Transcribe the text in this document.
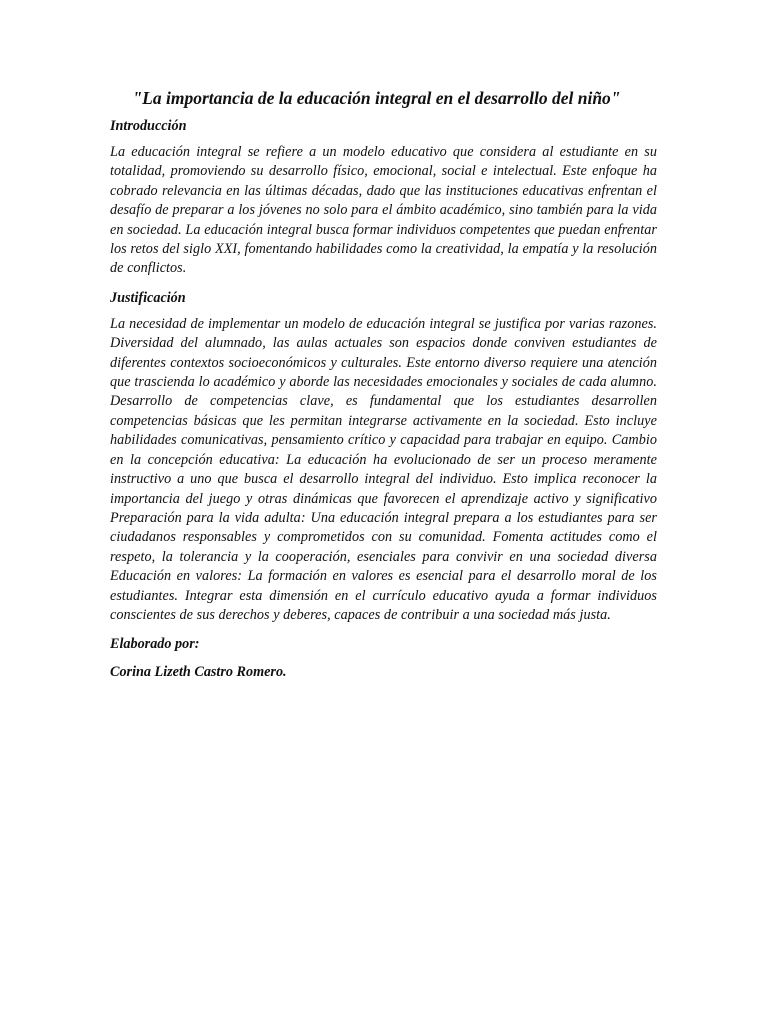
"La importancia de la educación integral en el desarrollo del niño"
Introducción

La educación integral se refiere a un modelo educativo que considera al estudiante en su totalidad, promoviendo su desarrollo físico, emocional, social e intelectual. Este enfoque ha cobrado relevancia en las últimas décadas, dado que las instituciones educativas enfrentan el desafío de preparar a los jóvenes no solo para el ámbito académico, sino también para la vida en sociedad. La educación integral busca formar individuos competentes que puedan enfrentar los retos del siglo XXI, fomentando habilidades como la creatividad, la empatía y la resolución de conflictos.

Justificación

La necesidad de implementar un modelo de educación integral se justifica por varias razones. Diversidad del alumnado, las aulas actuales son espacios donde conviven estudiantes de diferentes contextos socioeconómicos y culturales. Este entorno diverso requiere una atención que trascienda lo académico y aborde las necesidades emocionales y sociales de cada alumno. Desarrollo de competencias clave, es fundamental que los estudiantes desarrollen competencias básicas que les permitan integrarse activamente en la sociedad. Esto incluye habilidades comunicativas, pensamiento crítico y capacidad para trabajar en equipo. Cambio en la concepción educativa: La educación ha evolucionado de ser un proceso meramente instructivo a uno que busca el desarrollo integral del individuo. Esto implica reconocer la importancia del juego y otras dinámicas que favorecen el aprendizaje activo y significativo Preparación para la vida adulta: Una educación integral prepara a los estudiantes para ser ciudadanos responsables y comprometidos con su comunidad. Fomenta actitudes como el respeto, la tolerancia y la cooperación, esenciales para convivir en una sociedad diversa Educación en valores: La formación en valores es esencial para el desarrollo moral de los estudiantes. Integrar esta dimensión en el currículo educativo ayuda a formar individuos conscientes de sus derechos y deberes, capaces de contribuir a una sociedad más justa.

Elaborado por:
Corina Lizeth Castro Romero.
